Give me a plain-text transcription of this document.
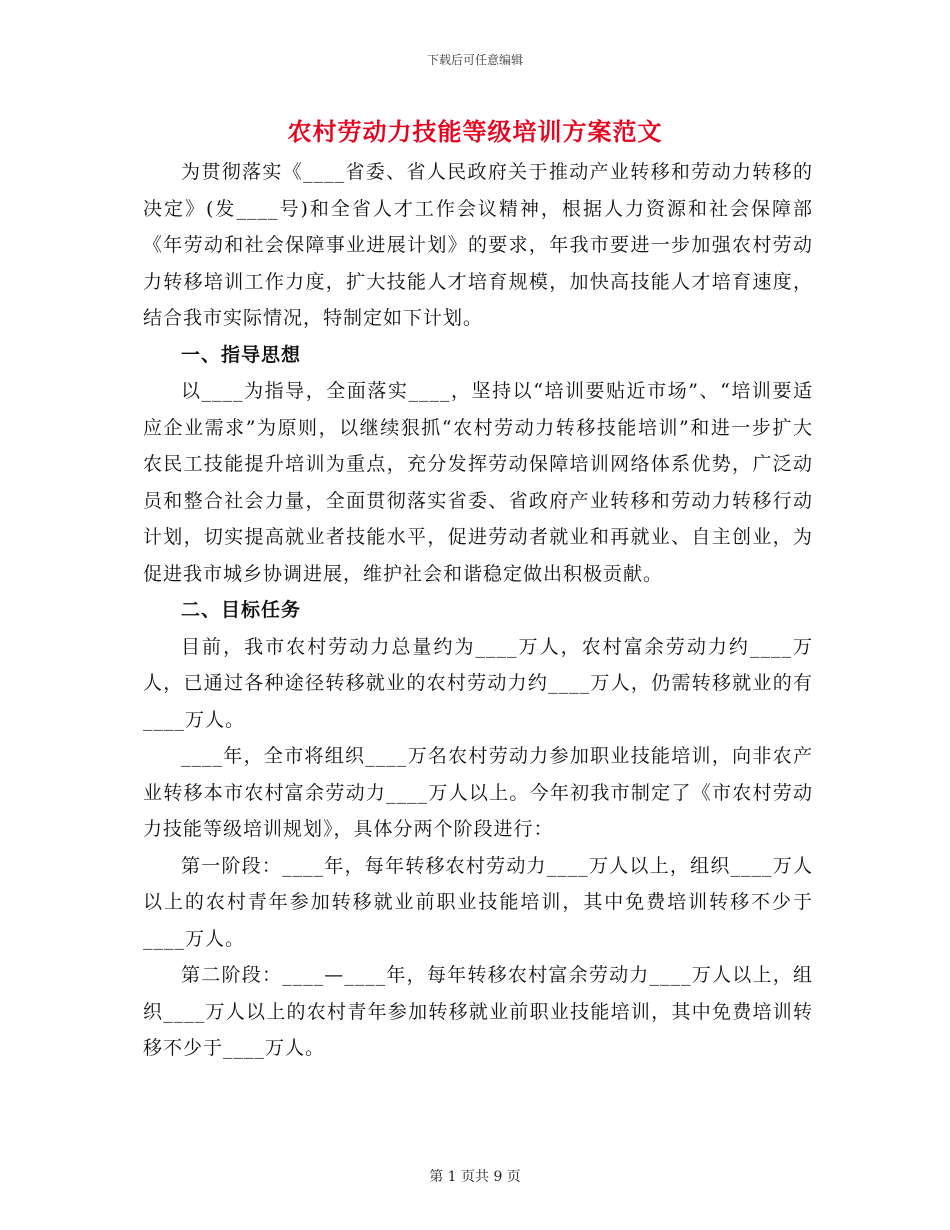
下载后可任意编辑
农村劳动力技能等级培训方案范文

为贯彻落实《____省委、省人民政府关于推动产业转移和劳动力转移的决定》(发____号)和全省人才工作会议精神，根据人力资源和社会保障部《年劳动和社会保障事业进展计划》的要求，年我市要进一步加强农村劳动力转移培训工作力度，扩大技能人才培育规模，加快高技能人才培育速度，结合我市实际情况，特制定如下计划。

一、指导思想

以____为指导，全面落实____，坚持以“培训要贴近市场”、“培训要适应企业需求”为原则，以继续狠抓“农村劳动力转移技能培训”和进一步扩大农民工技能提升培训为重点，充分发挥劳动保障培训网络体系优势，广泛动员和整合社会力量，全面贯彻落实省委、省政府产业转移和劳动力转移行动计划，切实提高就业者技能水平，促进劳动者就业和再就业、自主创业，为促进我市城乡协调进展，维护社会和谐稳定做出积极贡献。

二、目标任务

目前，我市农村劳动力总量约为____万人，农村富余劳动力约____万人，已通过各种途径转移就业的农村劳动力约____万人，仍需转移就业的有____万人。

____年，全市将组织____万名农村劳动力参加职业技能培训，向非农产业转移本市农村富余劳动力____万人以上。今年初我市制定了《市农村劳动力技能等级培训规划》，具体分两个阶段进行：

第一阶段：____年，每年转移农村劳动力____万人以上，组织____万人以上的农村青年参加转移就业前职业技能培训，其中免费培训转移不少于____万人。

第二阶段：____—____年，每年转移农村富余劳动力____万人以上，组织____万人以上的农村青年参加转移就业前职业技能培训，其中免费培训转移不少于____万人。

第 1 页共 9 页
